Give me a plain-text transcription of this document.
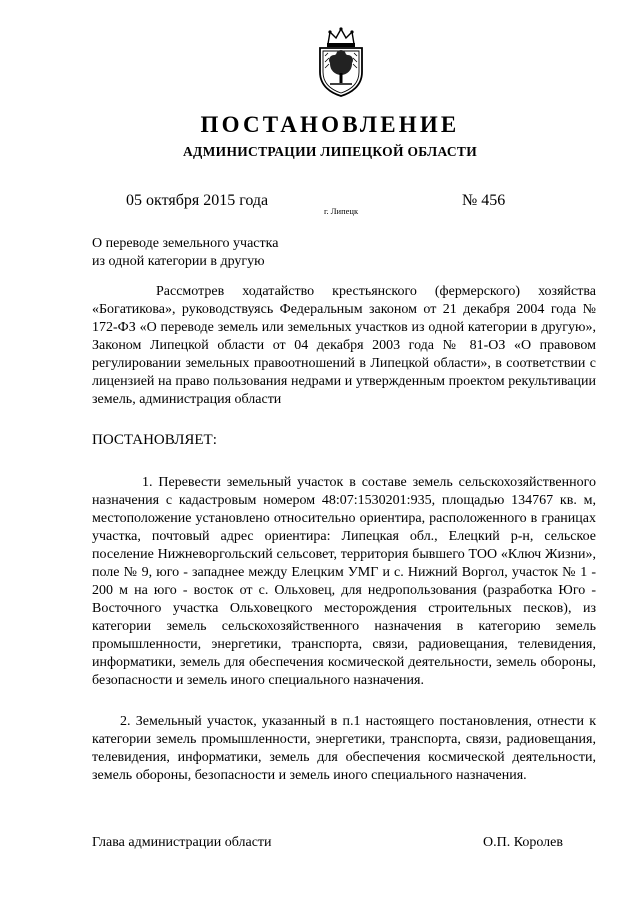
ПОСТАНОВЛЕНИЕ
АДМИНИСТРАЦИИ ЛИПЕЦКОЙ ОБЛАСТИ
05 октября 2015 года
г. Липецк
№ 456
О переводе земельного участка
из одной категории в другую
Рассмотрев ходатайство крестьянского (фермерского) хозяйства «Богатикова», руководствуясь Федеральным законом от 21 декабря 2004 года № 172-ФЗ «О переводе земель или земельных участков из одной категории в другую», Законом Липецкой области от 04 декабря 2003 года № 81-ОЗ «О правовом регулировании земельных правоотношений в Липецкой области», в соответствии с лицензией на право пользования недрами и утвержденным проектом рекультивации земель, администрация области
ПОСТАНОВЛЯЕТ:
1. Перевести земельный участок в составе земель сельскохозяйственного назначения с кадастровым номером 48:07:1530201:935, площадью 134767 кв. м, местоположение установлено относительно ориентира, расположенного в границах участка, почтовый адрес ориентира: Липецкая обл., Елецкий р-н, сельское поселение Нижневоргольский сельсовет, территория бывшего ТОО «Ключ Жизни», поле № 9, юго - западнее между Елецким УМГ и с. Нижний Воргол, участок № 1 - 200 м на юго - восток от с. Ольховец, для недропользования (разработка Юго - Восточного участка Ольховецкого месторождения строительных песков), из категории земель сельскохозяйственного назначения в категорию земель промышленности, энергетики, транспорта, связи, радиовещания, телевидения, информатики, земель для обеспечения космической деятельности, земель обороны, безопасности и земель иного специального назначения.
2. Земельный участок, указанный в п.1 настоящего постановления, отнести к категории земель промышленности, энергетики, транспорта, связи, радиовещания, телевидения, информатики, земель для обеспечения космической деятельности, земель обороны, безопасности и земель иного специального назначения.
Глава администрации области	О.П. Королев
